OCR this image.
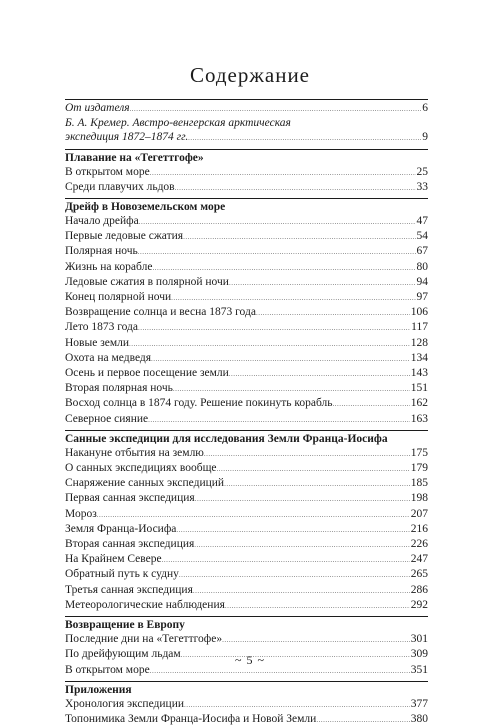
Содержание
От издателя .....	6
Б. А. Кремер. Австро-венгерская арктическая
экспедиция 1872–1874 гг. .....	9
Плавание на «Тегеттгофе»
В открытом море .....	25
Среди плавучих льдов .....	33
Дрейф в Новоземельском море
Начало дрейфа .....	47
Первые ледовые сжатия .....	54
Полярная ночь .....	67
Жизнь на корабле .....	80
Ледовые сжатия в полярной ночи .....	94
Конец полярной ночи .....	97
Возвращение солнца и весна 1873 года .....	106
Лето 1873 года .....	117
Новые земли .....	128
Охота на медведя .....	134
Осень и первое посещение земли .....	143
Вторая полярная ночь .....	151
Восход солнца в 1874 году. Решение покинуть корабль .....	162
Северное сияние .....	163
Санные экспедиции для исследования Земли Франца-Иосифа
Накануне отбытия на землю .....	175
О санных экспедициях вообще .....	179
Снаряжение санных экспедиций .....	185
Первая санная экспедиция .....	198
Мороз .....	207
Земля Франца-Иосифа .....	216
Вторая санная экспедиция .....	226
На Крайнем Севере .....	247
Обратный путь к судну .....	265
Третья санная экспедиция .....	286
Метеорологические наблюдения .....	292
Возвращение в Европу
Последние дни на «Тегеттгофе» .....	301
По дрейфующим льдам .....	309
В открытом море .....	351
Приложения
Хронология экспедиции .....	377
Топонимика Земли Франца-Иосифа и Новой Земли .....	380
~ 5 ~
